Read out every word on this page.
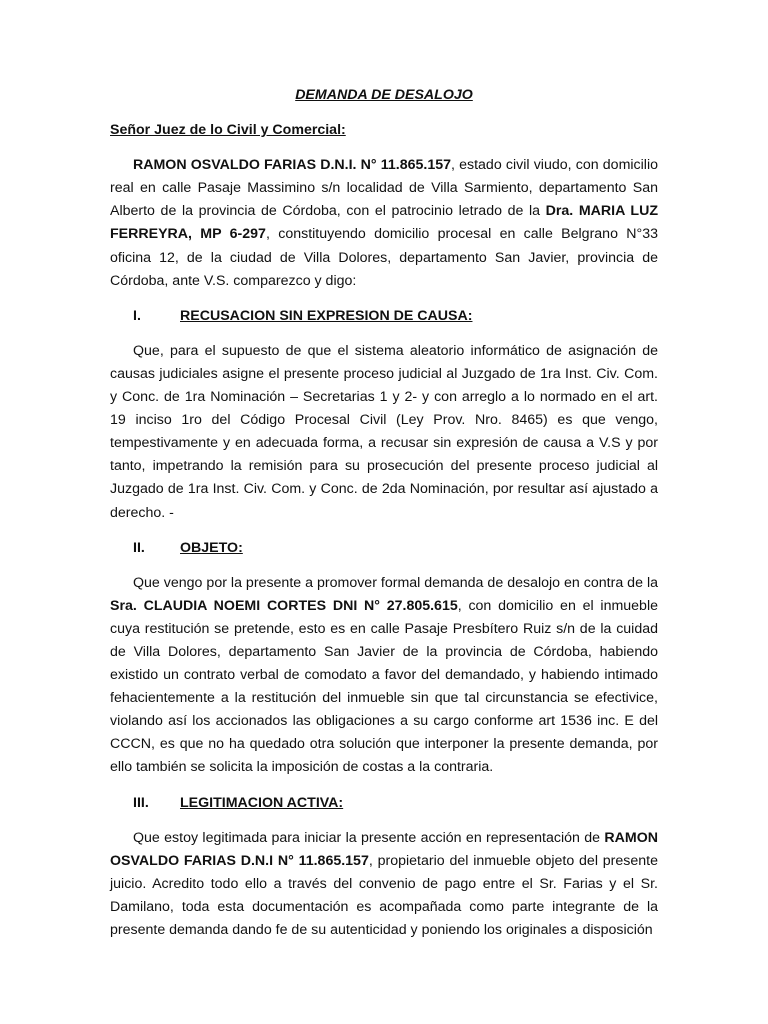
DEMANDA DE DESALOJO
Señor Juez de lo Civil y Comercial:

RAMON OSVALDO FARIAS D.N.I. N° 11.865.157, estado civil viudo, con domicilio real en calle Pasaje Massimino s/n localidad de Villa Sarmiento, departamento San Alberto de la provincia de Córdoba, con el patrocinio letrado de la Dra. MARIA LUZ FERREYRA, MP 6-297, constituyendo domicilio procesal en calle Belgrano N°33 oficina 12, de la ciudad de Villa Dolores, departamento San Javier, provincia de Córdoba, ante V.S. comparezco y digo:

I.	RECUSACION SIN EXPRESION DE CAUSA:

Que, para el supuesto de que el sistema aleatorio informático de asignación de causas judiciales asigne el presente proceso judicial al Juzgado de 1ra Inst. Civ. Com. y Conc. de 1ra Nominación – Secretarias 1 y 2- y con arreglo a lo normado en el art. 19 inciso 1ro del Código Procesal Civil (Ley Prov. Nro. 8465) es que vengo, tempestivamente y en adecuada forma, a recusar sin expresión de causa a V.S y por tanto, impetrando la remisión para su prosecución del presente proceso judicial al Juzgado de 1ra Inst. Civ. Com. y Conc. de 2da Nominación, por resultar así ajustado a derecho. -

II.	OBJETO:

Que vengo por la presente a promover formal demanda de desalojo en contra de la Sra. CLAUDIA NOEMI CORTES DNI N° 27.805.615, con domicilio en el inmueble cuya restitución se pretende, esto es en calle Pasaje Presbítero Ruiz s/n de la cuidad de Villa Dolores, departamento San Javier de la provincia de Córdoba, habiendo existido un contrato verbal de comodato a favor del demandado, y habiendo intimado fehacientemente a la restitución del inmueble sin que tal circunstancia se efectivice, violando así los accionados las obligaciones a su cargo conforme art 1536 inc. E del CCCN, es que no ha quedado otra solución que interponer la presente demanda, por ello también se solicita la imposición de costas a la contraria.

III.	LEGITIMACION ACTIVA:

Que estoy legitimada para iniciar la presente acción en representación de RAMON OSVALDO FARIAS D.N.I N° 11.865.157, propietario del inmueble objeto del presente juicio. Acredito todo ello a través del convenio de pago entre el Sr. Farias y el Sr. Damilano, toda esta documentación es acompañada como parte integrante de la presente demanda dando fe de su autenticidad y poniendo los originales a disposición
